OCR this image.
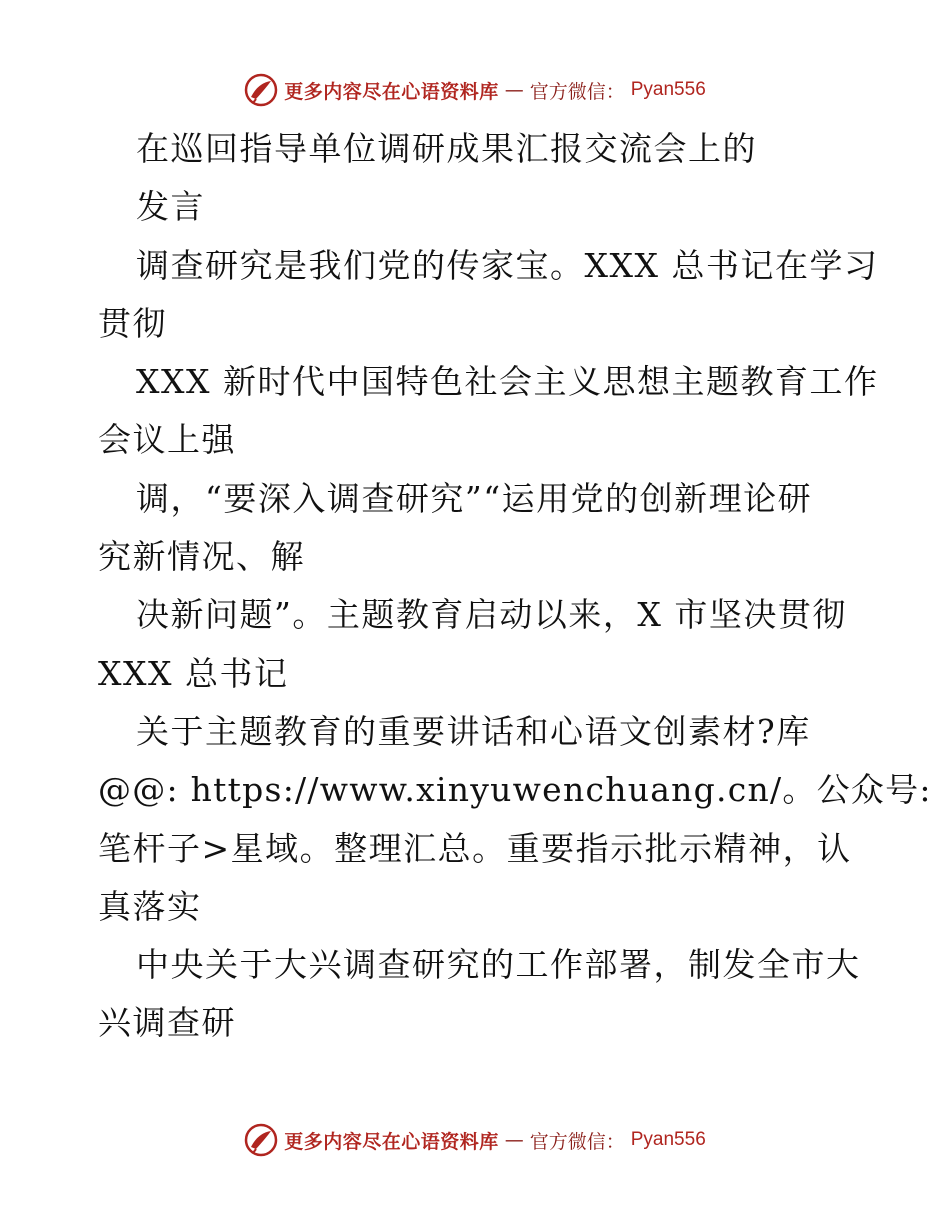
更多内容尽在心语资料库 — 官方微信： Pyan556
在巡回指导单位调研成果汇报交流会上的
发言
调查研究是我们党的传家宝。XXX 总书记在学习
贯彻
XXX 新时代中国特色社会主义思想主题教育工作
会议上强
调，“要深入调查研究”“运用党的创新理论研
究新情况、解
决新问题”。主题教育启动以来，X 市坚决贯彻
XXX 总书记
关于主题教育的重要讲话和心语文创素材?库
@@: https://www.xinyuwenchuang.cn/。公众号:
笔杆子>星域。整理汇总。重要指示批示精神，认
真落实
中央关于大兴调查研究的工作部署，制发全市大
兴调查研
更多内容尽在心语资料库 — 官方微信： Pyan556
